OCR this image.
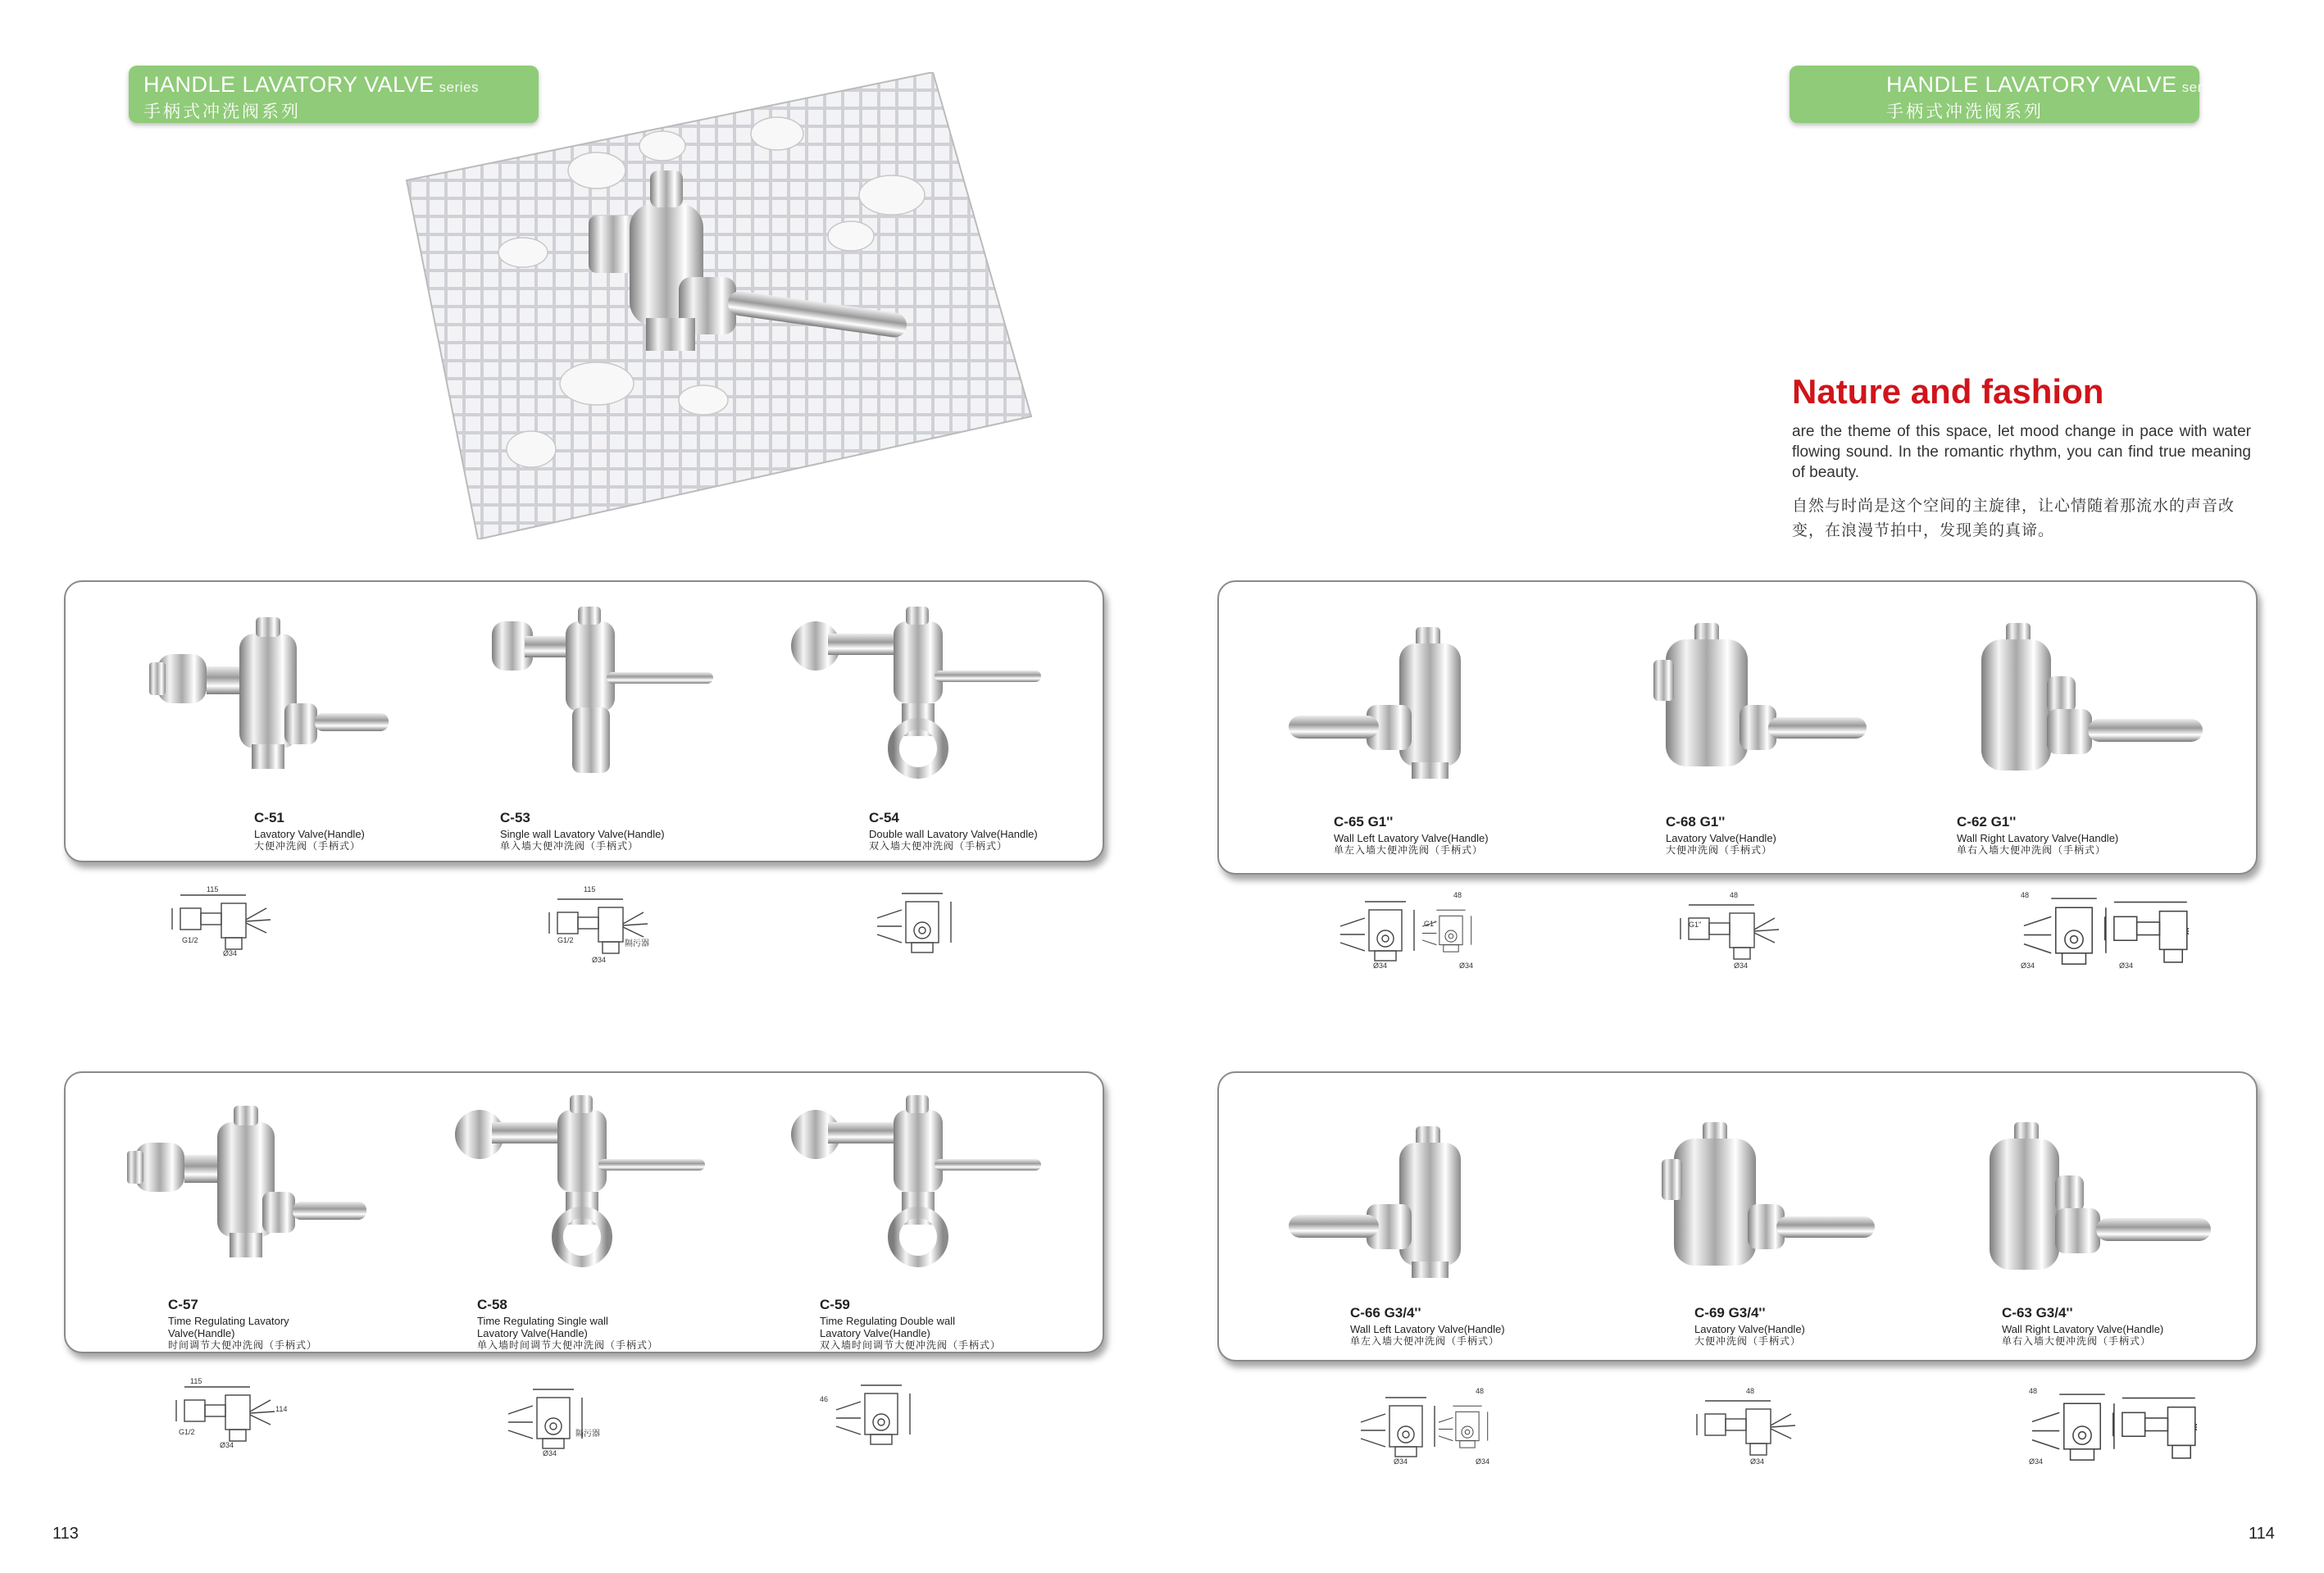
HANDLE LAVATORY VALVE series
手柄式冲洗阀系列
HANDLE LAVATORY VALVE series
手柄式冲洗阀系列
Nature and fashion
are the theme of this space, let mood change in pace with water flowing sound. In the romantic rhythm, you can find true meaning of beauty.
自然与时尚是这个空间的主旋律，让心情随着那流水的声音改变，在浪漫节拍中，发现美的真谛。
C-51
Lavatory Valve(Handle)
大便冲洗阀（手柄式）
C-53
Single wall Lavatory Valve(Handle)
单入墙大便冲洗阀（手柄式）
C-54
Double wall Lavatory Valve(Handle)
双入墙大便冲洗阀（手柄式）
C-65 G1''
Wall Left Lavatory Valve(Handle)
单左入墙大便冲洗阀（手柄式）
C-68 G1''
Lavatory Valve(Handle)
大便冲洗阀（手柄式）
C-62 G1''
Wall Right Lavatory Valve(Handle)
单右入墙大便冲洗阀（手柄式）
C-57
Time Regulating Lavatory
Valve(Handle)
时间调节大便冲洗阀（手柄式）
C-58
Time Regulating Single wall
Lavatory Valve(Handle)
单入墙时间调节大便冲洗阀（手柄式）
C-59
Time Regulating Double wall
Lavatory Valve(Handle)
双入墙时间调节大便冲洗阀（手柄式）
C-66 G3/4''
Wall Left Lavatory Valve(Handle)
单左入墙大便冲洗阀（手柄式）
C-69 G3/4''
Lavatory Valve(Handle)
大便冲洗阀（手柄式）
C-63 G3/4''
Wall Right Lavatory Valve(Handle)
单右入墙大便冲洗阀（手柄式）
115
G1/2
Ø34
115
G1/2	隔污器
Ø34
Ø34
48
G1''
Ø34
48
G1''
Ø34
48
Ø34	Ø34
115
114
G1/2
Ø34
隔污器
Ø34
46
Ø34
48
Ø34
48
Ø34
48
Ø34
113	114
